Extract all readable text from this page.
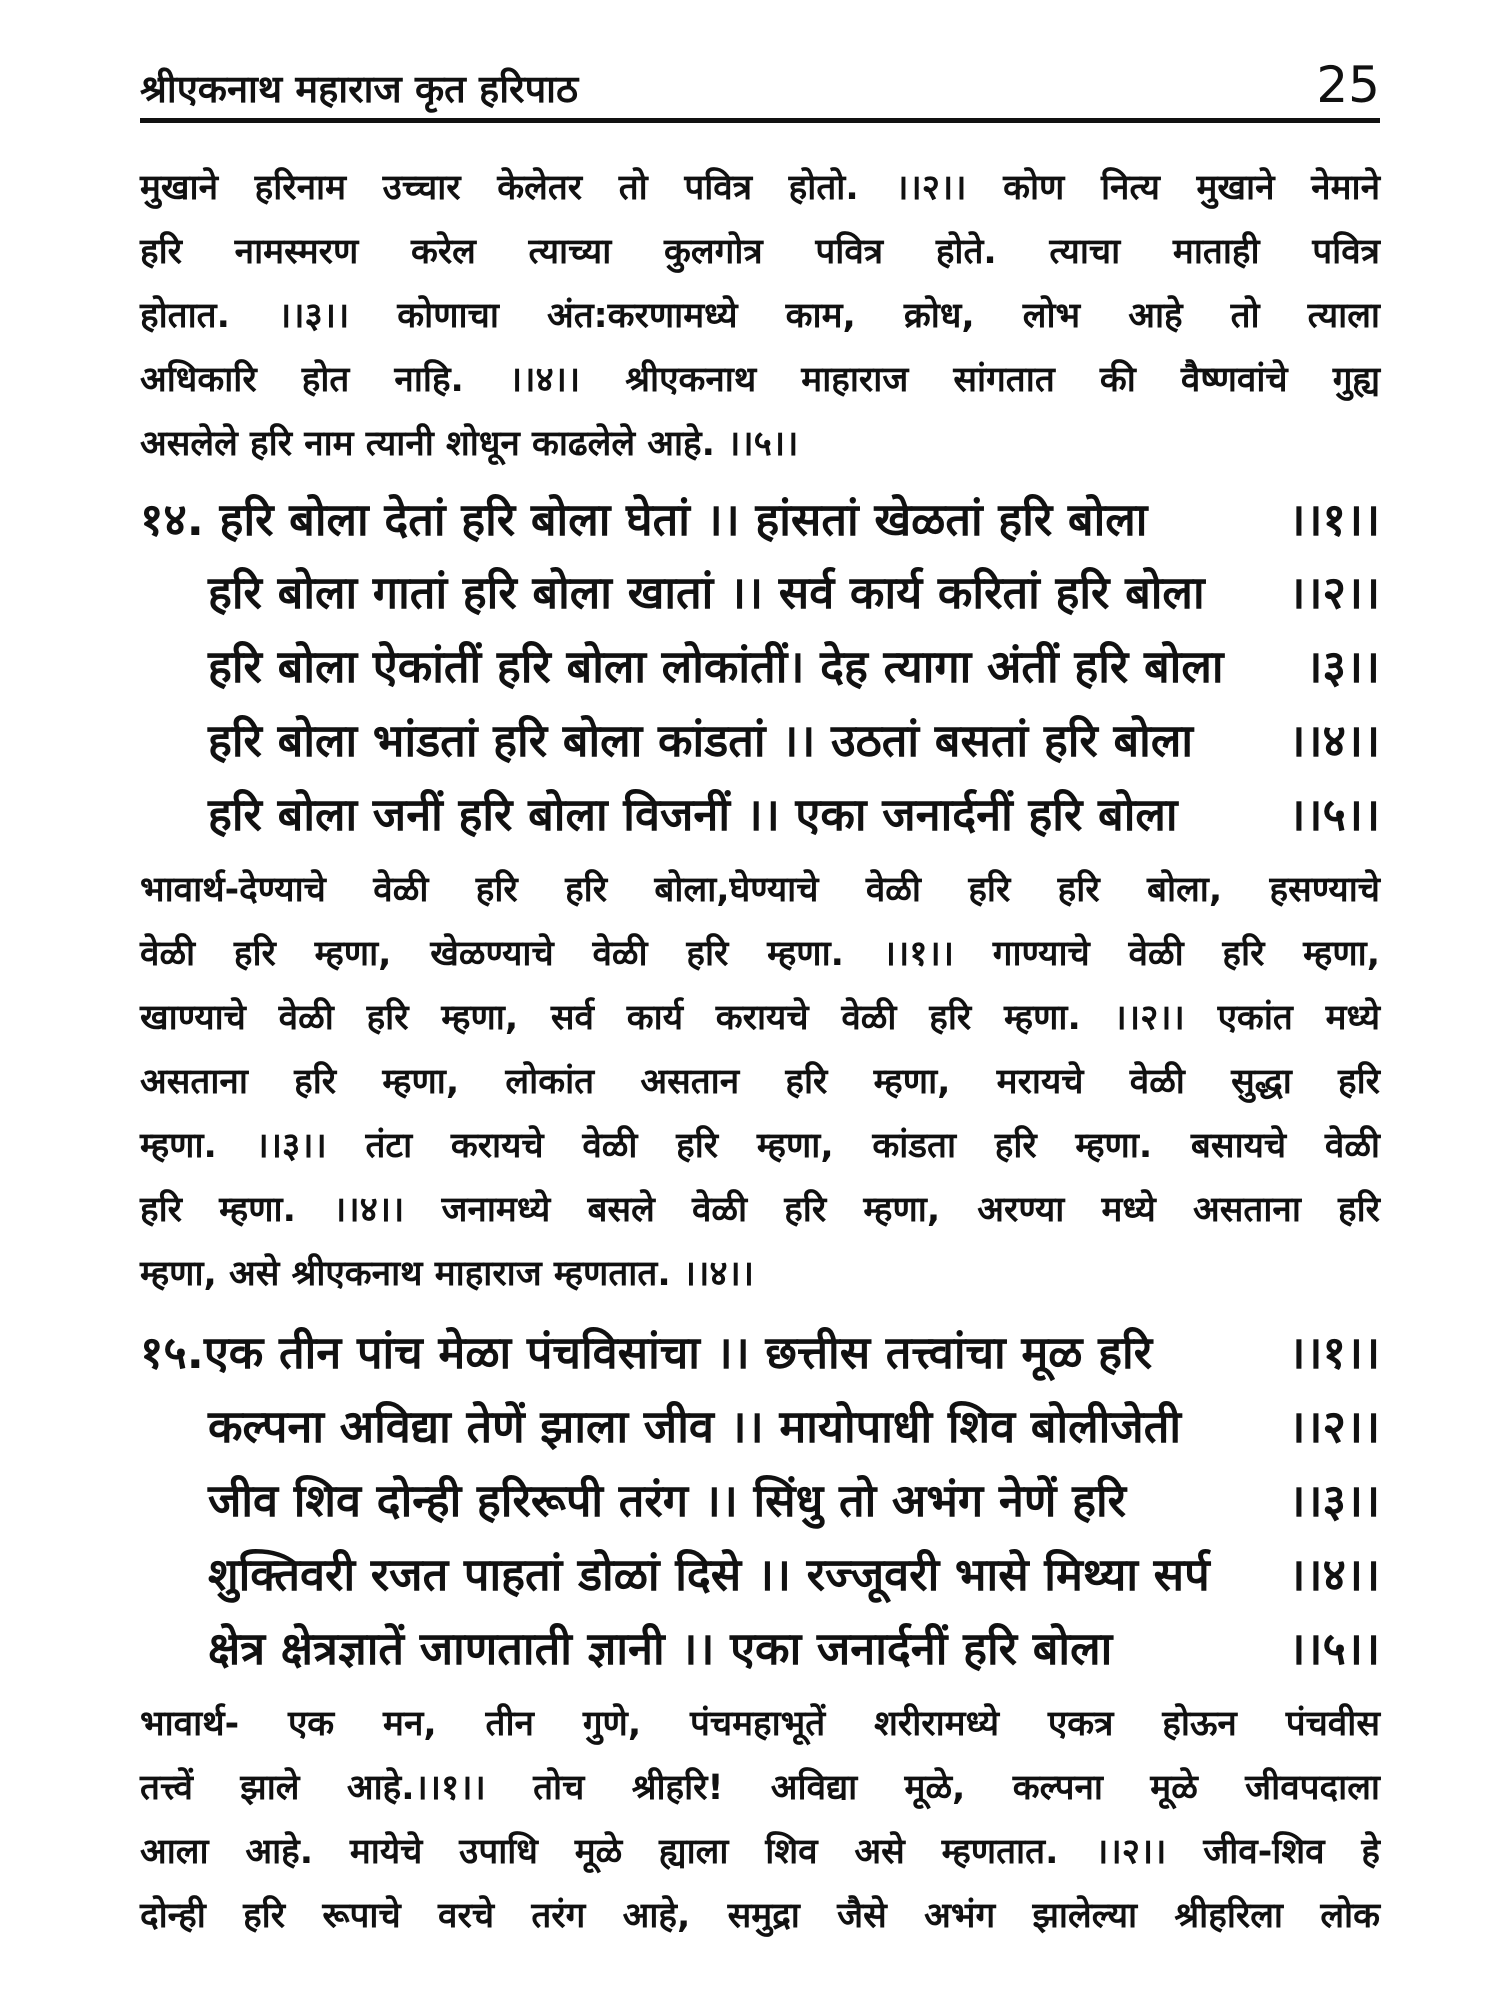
श्रीएकनाथ महाराज कृत हरिपाठ	25
मुखाने हरिनाम उच्चार केलेतर तो पवित्र होतो. ।।२।। कोण नित्य मुखाने नेमाने
हरि नामस्मरण करेल त्याच्या कुलगोत्र पवित्र होते. त्याचा माताही पवित्र
होतात. ।।३।। कोणाचा अंत:करणामध्ये काम, क्रोध, लोभ आहे तो त्याला
अधिकारि होत नाहि. ।।४।। श्रीएकनाथ माहाराज सांगतात की वैष्णवांचे गुह्य
असलेले हरि नाम त्यानी शोधून काढलेले आहे. ।।५।।
१४. हरि बोला देतां हरि बोला घेतां ।। हांसतां खेळतां हरि बोला	।।१।।
हरि बोला गातां हरि बोला खातां ।। सर्व कार्य करितां हरि बोला ।।२।।
हरि बोला ऐकांतीं हरि बोला लोकांतीं। देह त्यागा अंतीं हरि बोला ।३।।
हरि बोला भांडतां हरि बोला कांडतां ।। उठतां बसतां हरि बोला ।।४।।
हरि बोला जनीं हरि बोला विजनीं ।। एका जनार्दनीं हरि बोला ।।५।।
भावार्थ-देण्याचे वेळी हरि हरि बोला,घेण्याचे वेळी हरि हरि बोला, हसण्याचे
वेळी हरि म्हणा, खेळण्याचे वेळी हरि म्हणा. ।।१।। गाण्याचे वेळी हरि म्हणा,
खाण्याचे वेळी हरि म्हणा, सर्व कार्य करायचे वेळी हरि म्हणा. ।।२।। एकांत मध्ये
असताना हरि म्हणा, लोकांत असतान हरि म्हणा, मरायचे वेळी सुद्धा हरि
म्हणा. ।।३।। तंटा करायचे वेळी हरि म्हणा, कांडता हरि म्हणा. बसायचे वेळी
हरि म्हणा. ।।४।। जनामध्ये बसले वेळी हरि म्हणा, अरण्या मध्ये असताना हरि
म्हणा, असे श्रीएकनाथ माहाराज म्हणतात. ।।४।।
१५.एक तीन पांच मेळा पंचविसांचा ।। छत्तीस तत्त्वांचा मूळ हरि	।।१।।
कल्पना अविद्या तेणें झाला जीव ।। मायोपाधी शिव बोलीजेती ।।२।।
जीव शिव दोन्ही हरिरूपी तरंग ।। सिंधु तो अभंग नेणें हरि	।।३।।
शुक्तिवरी रजत पाहतां डोळां दिसे ।। रज्जूवरी भासे मिथ्या सर्प ।।४।।
क्षेत्र क्षेत्रज्ञातें जाणताती ज्ञानी ।। एका जनार्दनीं हरि बोला	।।५।।
भावार्थ- एक मन, तीन गुणे, पंचमहाभूतें शरीरामध्ये एकत्र होऊन पंचवीस
तत्त्वें झाले आहे.।।१।। तोच श्रीहरि! अविद्या मूळे, कल्पना मूळे जीवपदाला
आला आहे. मायेचे उपाधि मूळे ह्याला शिव असे म्हणतात. ।।२।। जीव-शिव हे
दोन्ही हरि रूपाचे वरचे तरंग आहे, समुद्रा जैसे अभंग झालेल्या श्रीहरिला लोक
